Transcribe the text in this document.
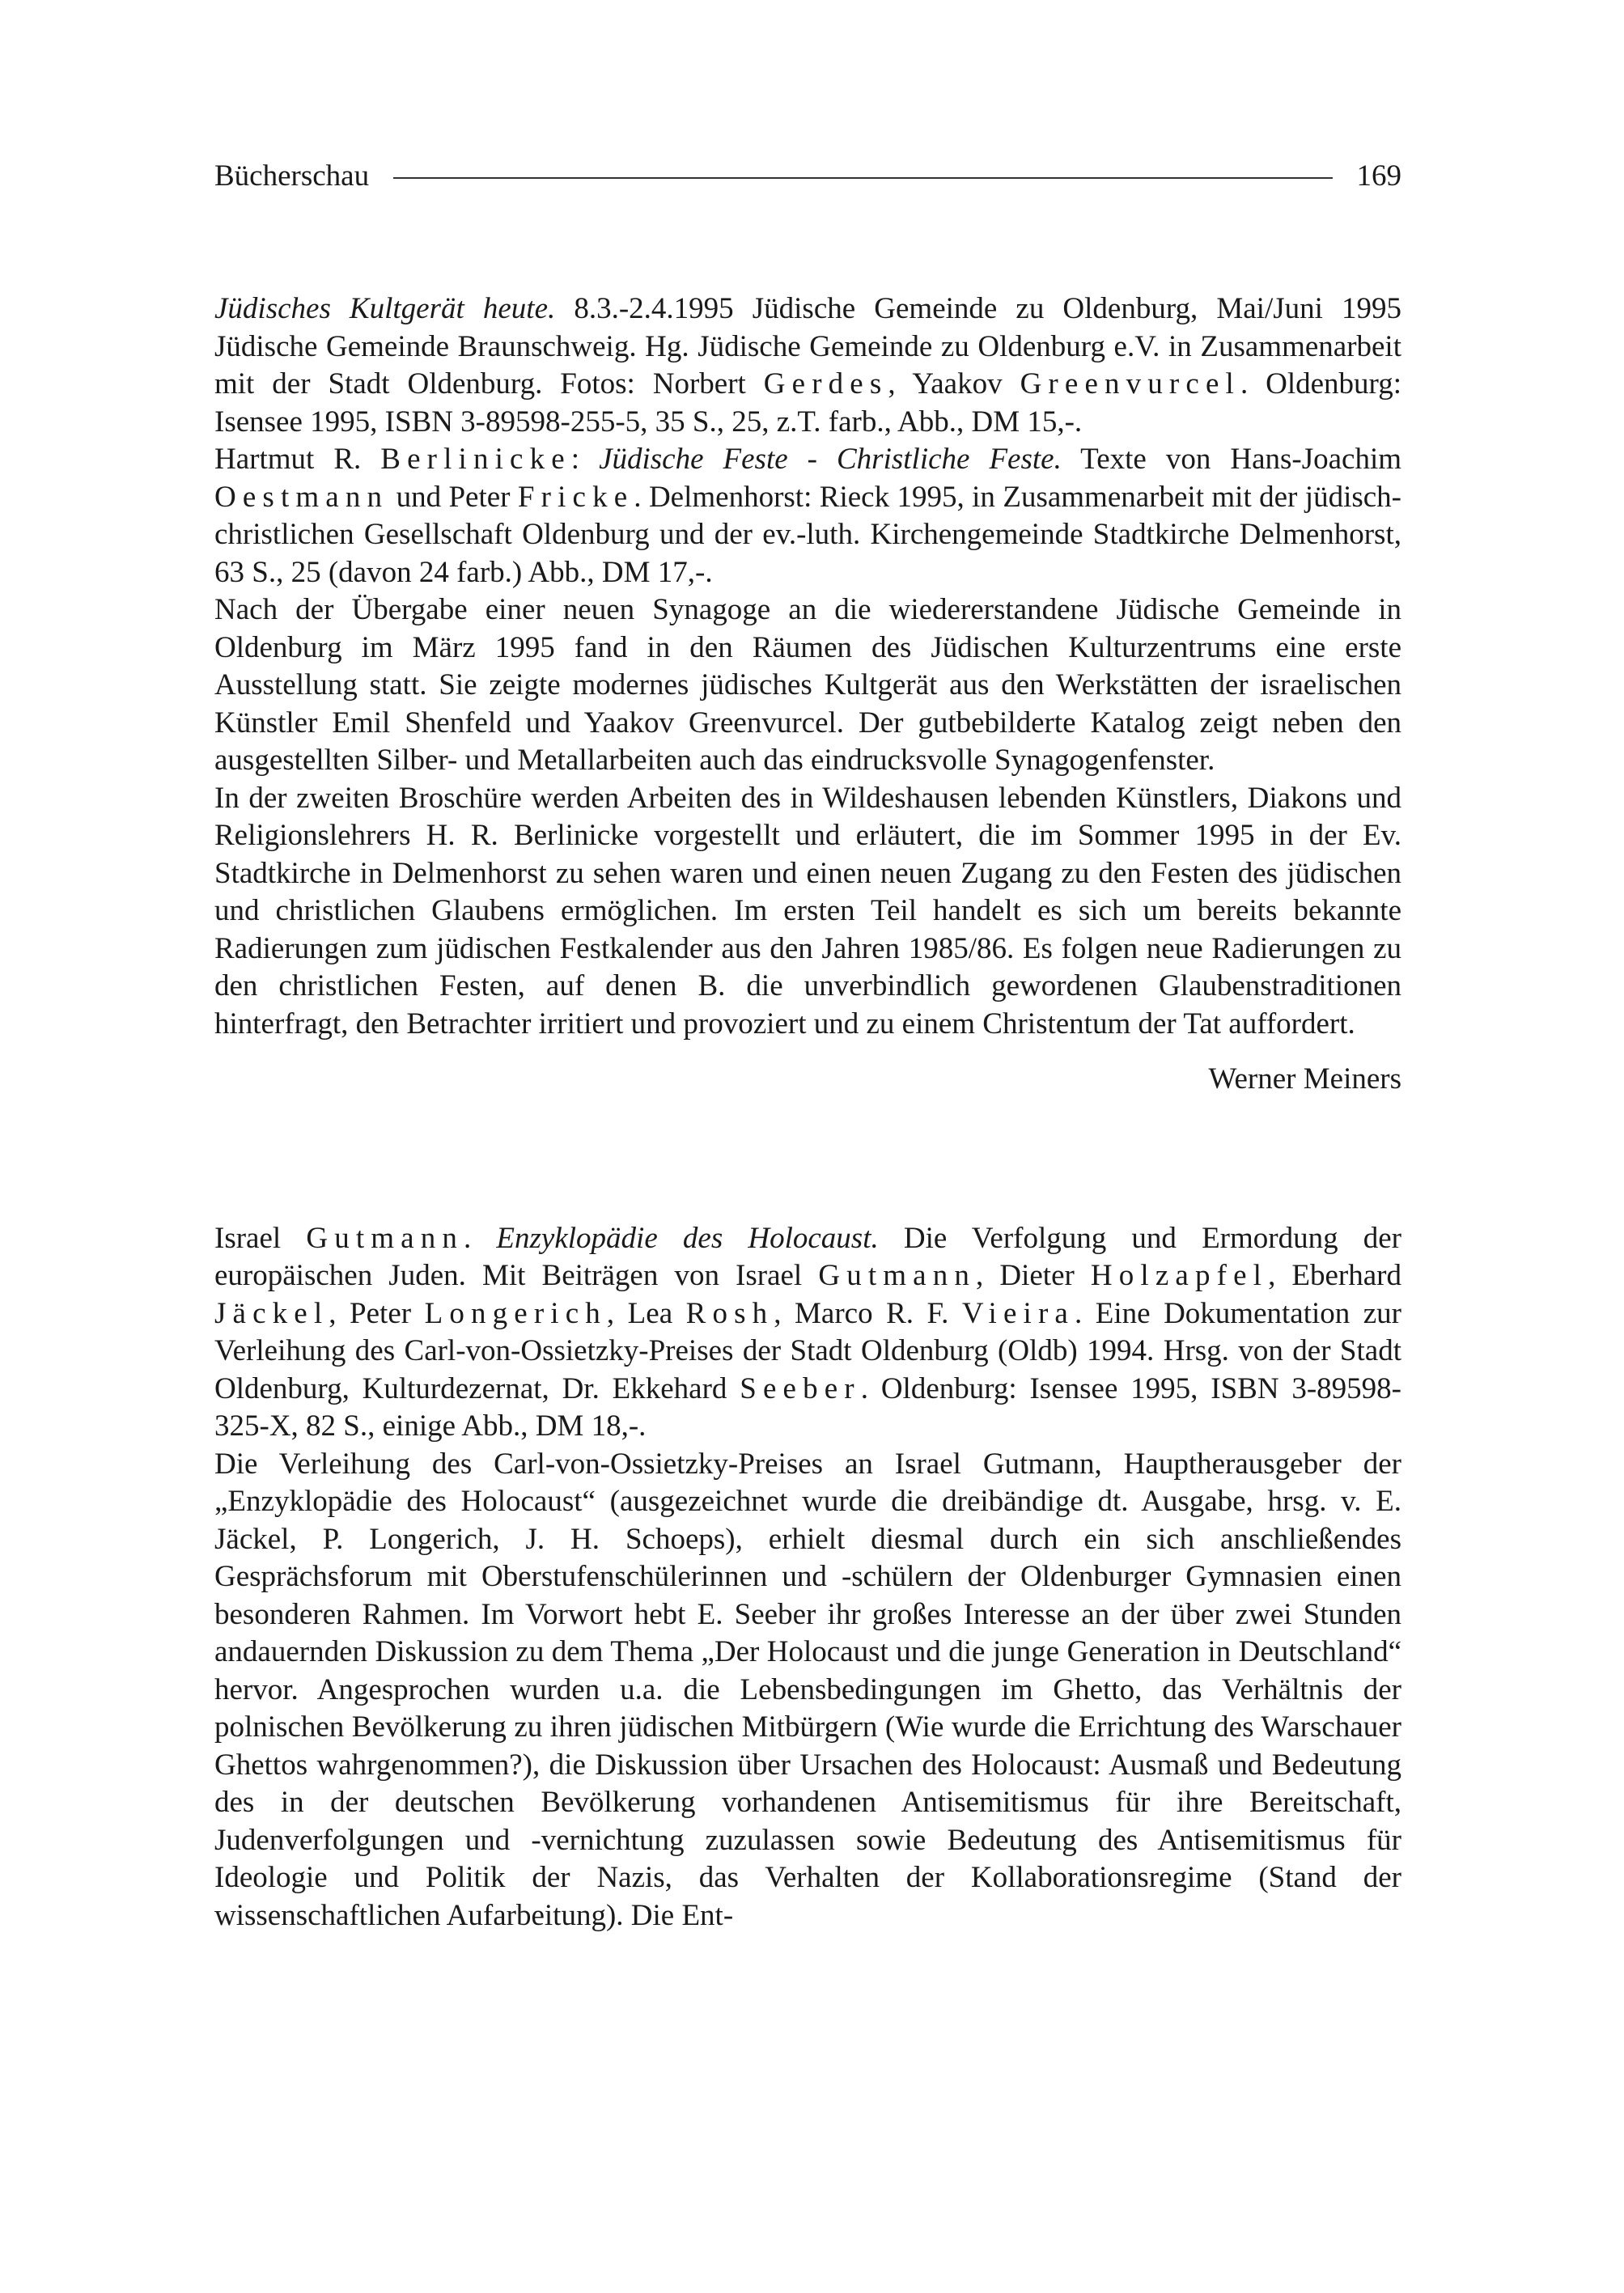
Bücherschau	169

Jüdisches Kultgerät heute. 8.3.-2.4.1995 Jüdische Gemeinde zu Oldenburg, Mai/Juni 1995 Jüdische Gemeinde Braunschweig. Hg. Jüdische Gemeinde zu Oldenburg e.V. in Zusammenarbeit mit der Stadt Oldenburg. Fotos: Norbert Gerdes, Yaakov Greenvurcel. Oldenburg: Isensee 1995, ISBN 3-89598-255-5, 35 S., 25, z.T. farb., Abb., DM 15,-.

Hartmut R. Berlinicke: Jüdische Feste - Christliche Feste. Texte von Hans-Joachim Oestmann und Peter Fricke. Delmenhorst: Rieck 1995, in Zusammenarbeit mit der jüdisch-christlichen Gesellschaft Oldenburg und der ev.-luth. Kirchengemeinde Stadtkirche Delmenhorst, 63 S., 25 (davon 24 farb.) Abb., DM 17,-.

Nach der Übergabe einer neuen Synagoge an die wiedererstandene Jüdische Gemeinde in Oldenburg im März 1995 fand in den Räumen des Jüdischen Kulturzentrums eine erste Ausstellung statt. Sie zeigte modernes jüdisches Kultgerät aus den Werkstätten der israelischen Künstler Emil Shenfeld und Yaakov Greenvurcel. Der gutbebilderte Katalog zeigt neben den ausgestellten Silber- und Metallarbeiten auch das eindrucksvolle Synagogenfenster.

In der zweiten Broschüre werden Arbeiten des in Wildeshausen lebenden Künstlers, Diakons und Religionslehrers H. R. Berlinicke vorgestellt und erläutert, die im Sommer 1995 in der Ev. Stadtkirche in Delmenhorst zu sehen waren und einen neuen Zugang zu den Festen des jüdischen und christlichen Glaubens ermöglichen. Im ersten Teil handelt es sich um bereits bekannte Radierungen zum jüdischen Festkalender aus den Jahren 1985/86. Es folgen neue Radierungen zu den christlichen Festen, auf denen B. die unverbindlich gewordenen Glaubenstraditionen hinterfragt, den Betrachter irritiert und provoziert und zu einem Christentum der Tat auffordert.

Werner Meiners

Israel Gutmann. Enzyklopädie des Holocaust. Die Verfolgung und Ermordung der europäischen Juden. Mit Beiträgen von Israel Gutmann, Dieter Holzapfel, Eberhard Jäckel, Peter Longerich, Lea Rosh, Marco R. F. Vieira. Eine Dokumentation zur Verleihung des Carl-von-Ossietzky-Preises der Stadt Oldenburg (Oldb) 1994. Hrsg. von der Stadt Oldenburg, Kulturdezernat, Dr. Ekkehard Seeber. Oldenburg: Isensee 1995, ISBN 3-89598-325-X, 82 S., einige Abb., DM 18,-.

Die Verleihung des Carl-von-Ossietzky-Preises an Israel Gutmann, Hauptherausgeber der „Enzyklopädie des Holocaust“ (ausgezeichnet wurde die dreibändige dt. Ausgabe, hrsg. v. E. Jäckel, P. Longerich, J. H. Schoeps), erhielt diesmal durch ein sich anschließendes Gesprächsforum mit Oberstufenschülerinnen und -schülern der Oldenburger Gymnasien einen besonderen Rahmen. Im Vorwort hebt E. Seeber ihr großes Interesse an der über zwei Stunden andauernden Diskussion zu dem Thema „Der Holocaust und die junge Generation in Deutschland“ hervor. Angesprochen wurden u.a. die Lebensbedingungen im Ghetto, das Verhältnis der polnischen Bevölkerung zu ihren jüdischen Mitbürgern (Wie wurde die Errichtung des Warschauer Ghettos wahrgenommen?), die Diskussion über Ursachen des Holocaust: Ausmaß und Bedeutung des in der deutschen Bevölkerung vorhandenen Antisemitismus für ihre Bereitschaft, Judenverfolgungen und -vernichtung zuzulassen sowie Bedeutung des Antisemitismus für Ideologie und Politik der Nazis, das Verhalten der Kollaborationsregime (Stand der wissenschaftlichen Aufarbeitung). Die Ent-
